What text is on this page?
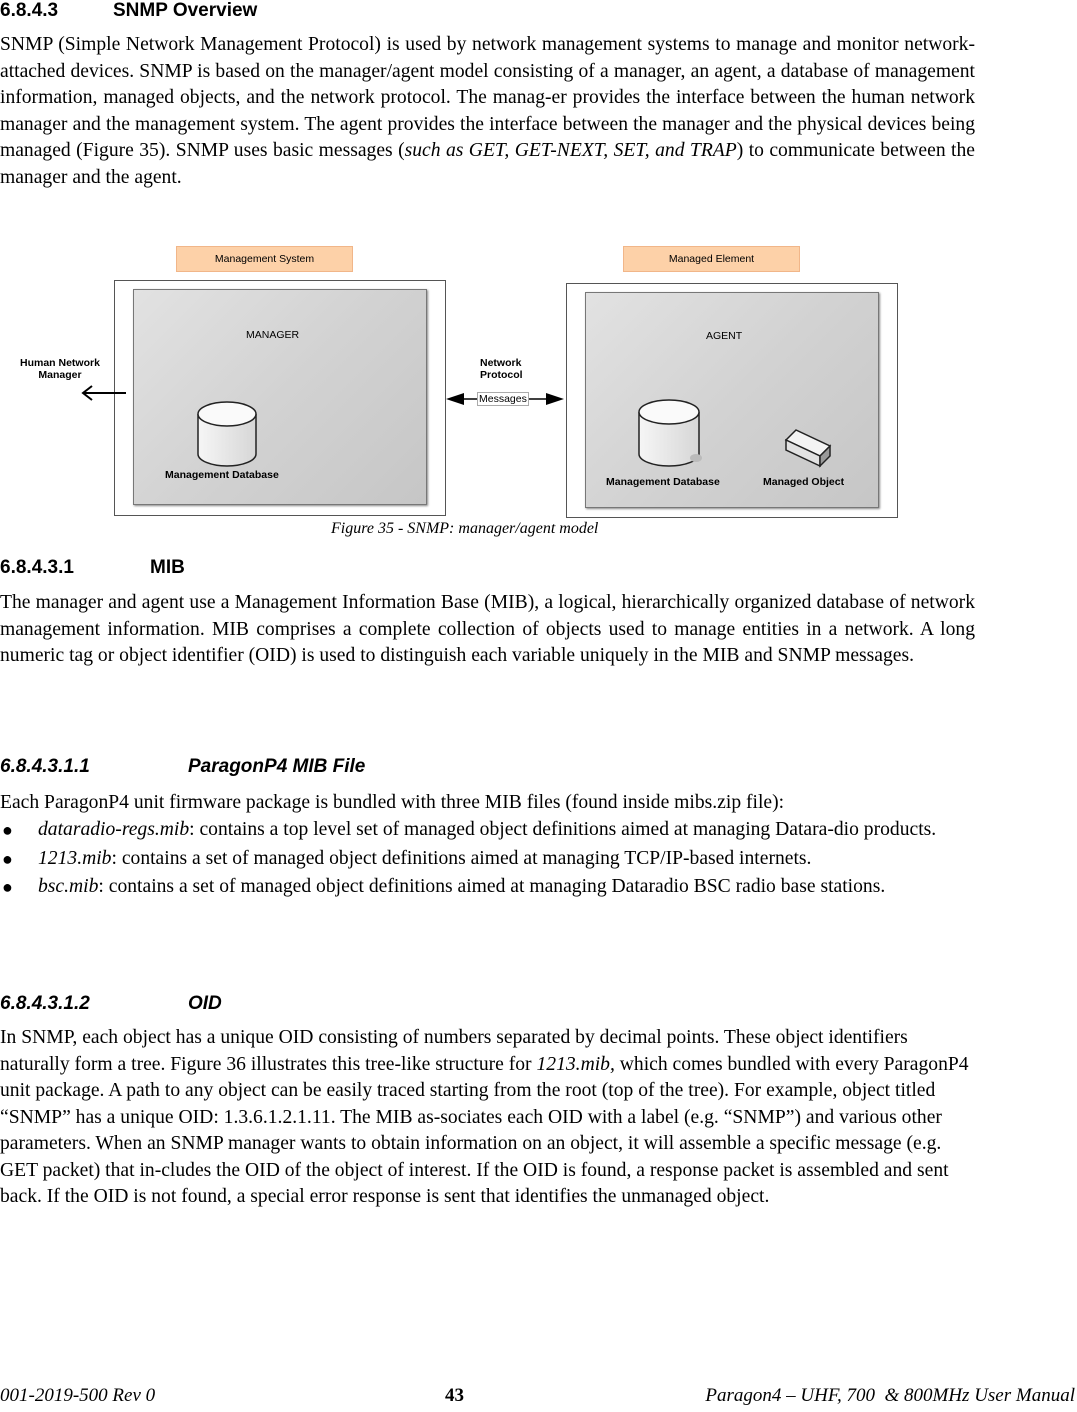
6.8.4.3	SNMP Overview

SNMP (Simple Network Management Protocol) is used by network management systems to manage and monitor network-attached devices. SNMP is based on the manager/agent model consisting of a manager, an agent, a database of management information, managed objects, and the network protocol. The manag-er provides the interface between the human network manager and the management system. The agent provides the interface between the manager and the physical devices being managed (Figure 35). SNMP uses basic messages (such as GET, GET-NEXT, SET, and TRAP) to communicate between the manager and the agent.

Management System	Managed Element
MANAGER	AGENT
Human Network
Manager
Network
Protocol
Messages
Management Database
Management Database	Managed Object
Figure 35 - SNMP: manager/agent model
6.8.4.3.1	MIB

The manager and agent use a Management Information Base (MIB), a logical, hierarchically organized database of network management information. MIB comprises a complete collection of objects used to manage entities in a network. A long numeric tag or object identifier (OID) is used to distinguish each variable uniquely in the MIB and SNMP messages.

6.8.4.3.1.1	ParagonP4 MIB File

Each ParagonP4 unit firmware package is bundled with three MIB files (found inside mibs.zip file):

● dataradio-regs.mib: contains a top level set of managed object definitions aimed at managing Datara-dio products.
● 1213.mib: contains a set of managed object definitions aimed at managing TCP/IP-based internets.
● bsc.mib: contains a set of managed object definitions aimed at managing Dataradio BSC radio base stations.
6.8.4.3.1.2	OID

In SNMP, each object has a unique OID consisting of numbers separated by decimal points. These object identifiers naturally form a tree. Figure 36 illustrates this tree-like structure for 1213.mib, which comes bundled with every ParagonP4 unit package. A path to any object can be easily traced starting from the root (top of the tree). For example, object titled “SNMP” has a unique OID: 1.3.6.1.2.1.11. The MIB as-sociates each OID with a label (e.g. “SNMP”) and various other parameters. When an SNMP manager wants to obtain information on an object, it will assemble a specific message (e.g. GET packet) that in-cludes the OID of the object of interest. If the OID is found, a response packet is assembled and sent back. If the OID is not found, a special error response is sent that identifies the unmanaged object.

001-2019-500 Rev 0	43	Paragon4 – UHF, 700  & 800MHz User Manual
